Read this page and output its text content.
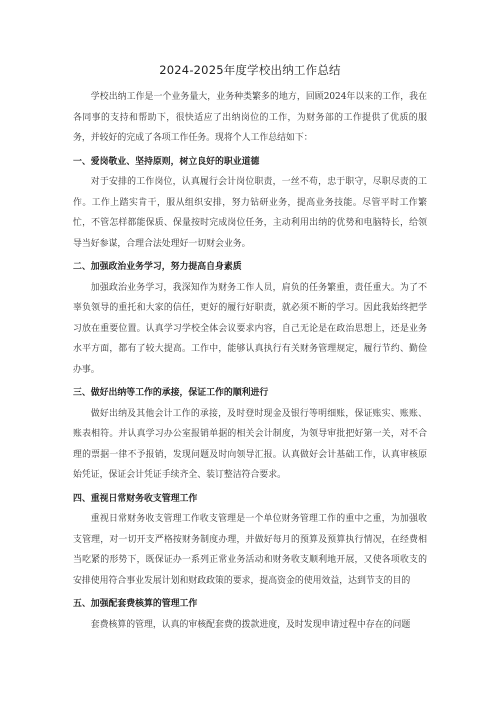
2024-2025年度学校出纳工作总结

学校出纳工作是一个业务量大，业务种类繁多的地方，回顾2024年以来的工作，我在各同事的支持和帮助下，很快适应了出纳岗位的工作，为财务部的工作提供了优质的服务，并较好的完成了各项工作任务。现将个人工作总结如下：

一、爱岗敬业、坚持原则，树立良好的职业道德

对于安排的工作岗位，认真履行会计岗位职责，一丝不苟，忠于职守，尽职尽责的工作。工作上踏实肯干，服从组织安排，努力钻研业务，提高业务技能。尽管平时工作繁忙，不管怎样都能保质、保量按时完成岗位任务，主动利用出纳的优势和电脑特长，给领导当好参谋，合理合法处理好一切财会业务。

二、加强政治业务学习，努力提高自身素质

加强政治业务学习，我深知作为财务工作人员，肩负的任务繁重，责任重大。为了不辜负领导的重托和大家的信任，更好的履行好职责，就必须不断的学习。因此我始终把学习放在重要位置。认真学习学校全体会议要求内容，自己无论是在政治思想上，还是业务水平方面，都有了较大提高。工作中，能够认真执行有关财务管理规定，履行节约、勤俭办事。

三、做好出纳等工作的承接，保证工作的顺利进行

做好出纳及其他会计工作的承接，及时登时现金及银行等明细账，保证账实、账账、账表相符。并认真学习办公室报销单据的相关会计制度，为领导审批把好第一关，对不合理的票据一律不予报销，发现问题及时向领导汇报。认真做好会计基础工作，认真审核原始凭证，保证会计凭证手续齐全、装订整洁符合要求。

四、重视日常财务收支管理工作

重视日常财务收支管理工作收支管理是一个单位财务管理工作的重中之重，为加强收支管理，对一切开支严格按财务制度办理，并做好每月的预算及预算执行情况，在经费相当吃紧的形势下，既保证办一系列正常业务活动和财务收支顺利地开展，又使各项收支的安排使用符合事业发展计划和财政政策的要求，提高资金的使用效益，达到节支的目的

五、加强配套费核算的管理工作

套费核算的管理，认真的审核配套费的拨款进度，及时发现申请过程中存在的问题
